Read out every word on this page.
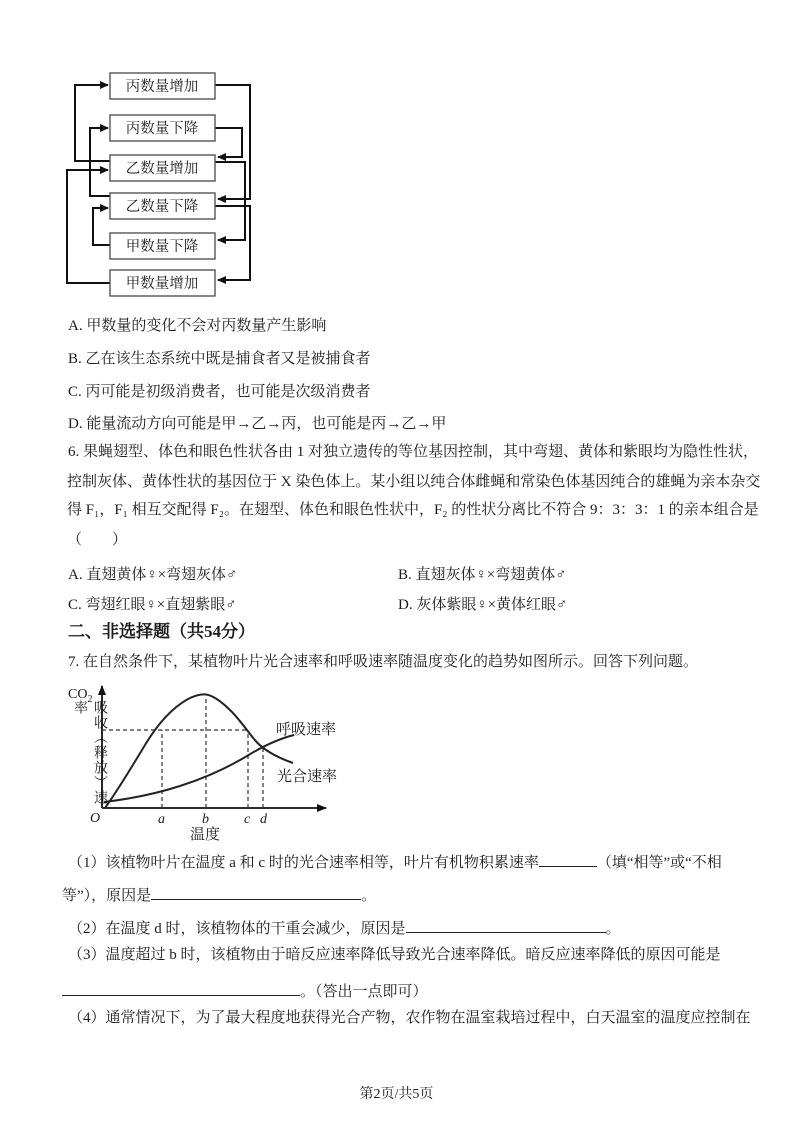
丙数量增加
丙数量下降
乙数量增加
乙数量下降
甲数量下降
甲数量增加
A. 甲数量的变化不会对丙数量产生影响
B. 乙在该生态系统中既是捕食者又是被捕食者
C. 丙可能是初级消费者，也可能是次级消费者
D. 能量流动方向可能是甲→乙→丙，也可能是丙→乙→甲
6. 果蝇翅型、体色和眼色性状各由 1 对独立遗传的等位基因控制，其中弯翅、黄体和紫眼均为隐性性状，
控制灰体、黄体性状的基因位于 X 染色体上。某小组以纯合体雌蝇和常染色体基因纯合的雄蝇为亲本杂交
得 F₁，F₁ 相互交配得 F₂。在翅型、体色和眼色性状中，F₂ 的性状分离比不符合 9：3：3：1 的亲本组合是
（　　）
A. 直翅黄体♀×弯翅灰体♂	B. 直翅灰体♀×弯翅黄体♂
C. 弯翅红眼♀×直翅紫眼♂	D. 灰体紫眼♀×黄体红眼♂
二、非选择题（共54分）
7. 在自然条件下，某植物叶片光合速率和呼吸速率随温度变化的趋势如图所示。回答下列问题。
$CO_2$
O	a	b	c d
温度
呼吸速率
光合速率
吸收（释放）速率
（1）该植物叶片在温度 a 和 c 时的光合速率相等，叶片有机物积累速率	（填“相等”或“不相
等”），原因是	。
（2）在温度 d 时，该植物体的干重会减少，原因是	。
（3）温度超过 b 时，该植物由于暗反应速率降低导致光合速率降低。暗反应速率降低的原因可能是
。（答出一点即可）
（4）通常情况下，为了最大程度地获得光合产物，农作物在温室栽培过程中，白天温室的温度应控制在
第2页/共5页
